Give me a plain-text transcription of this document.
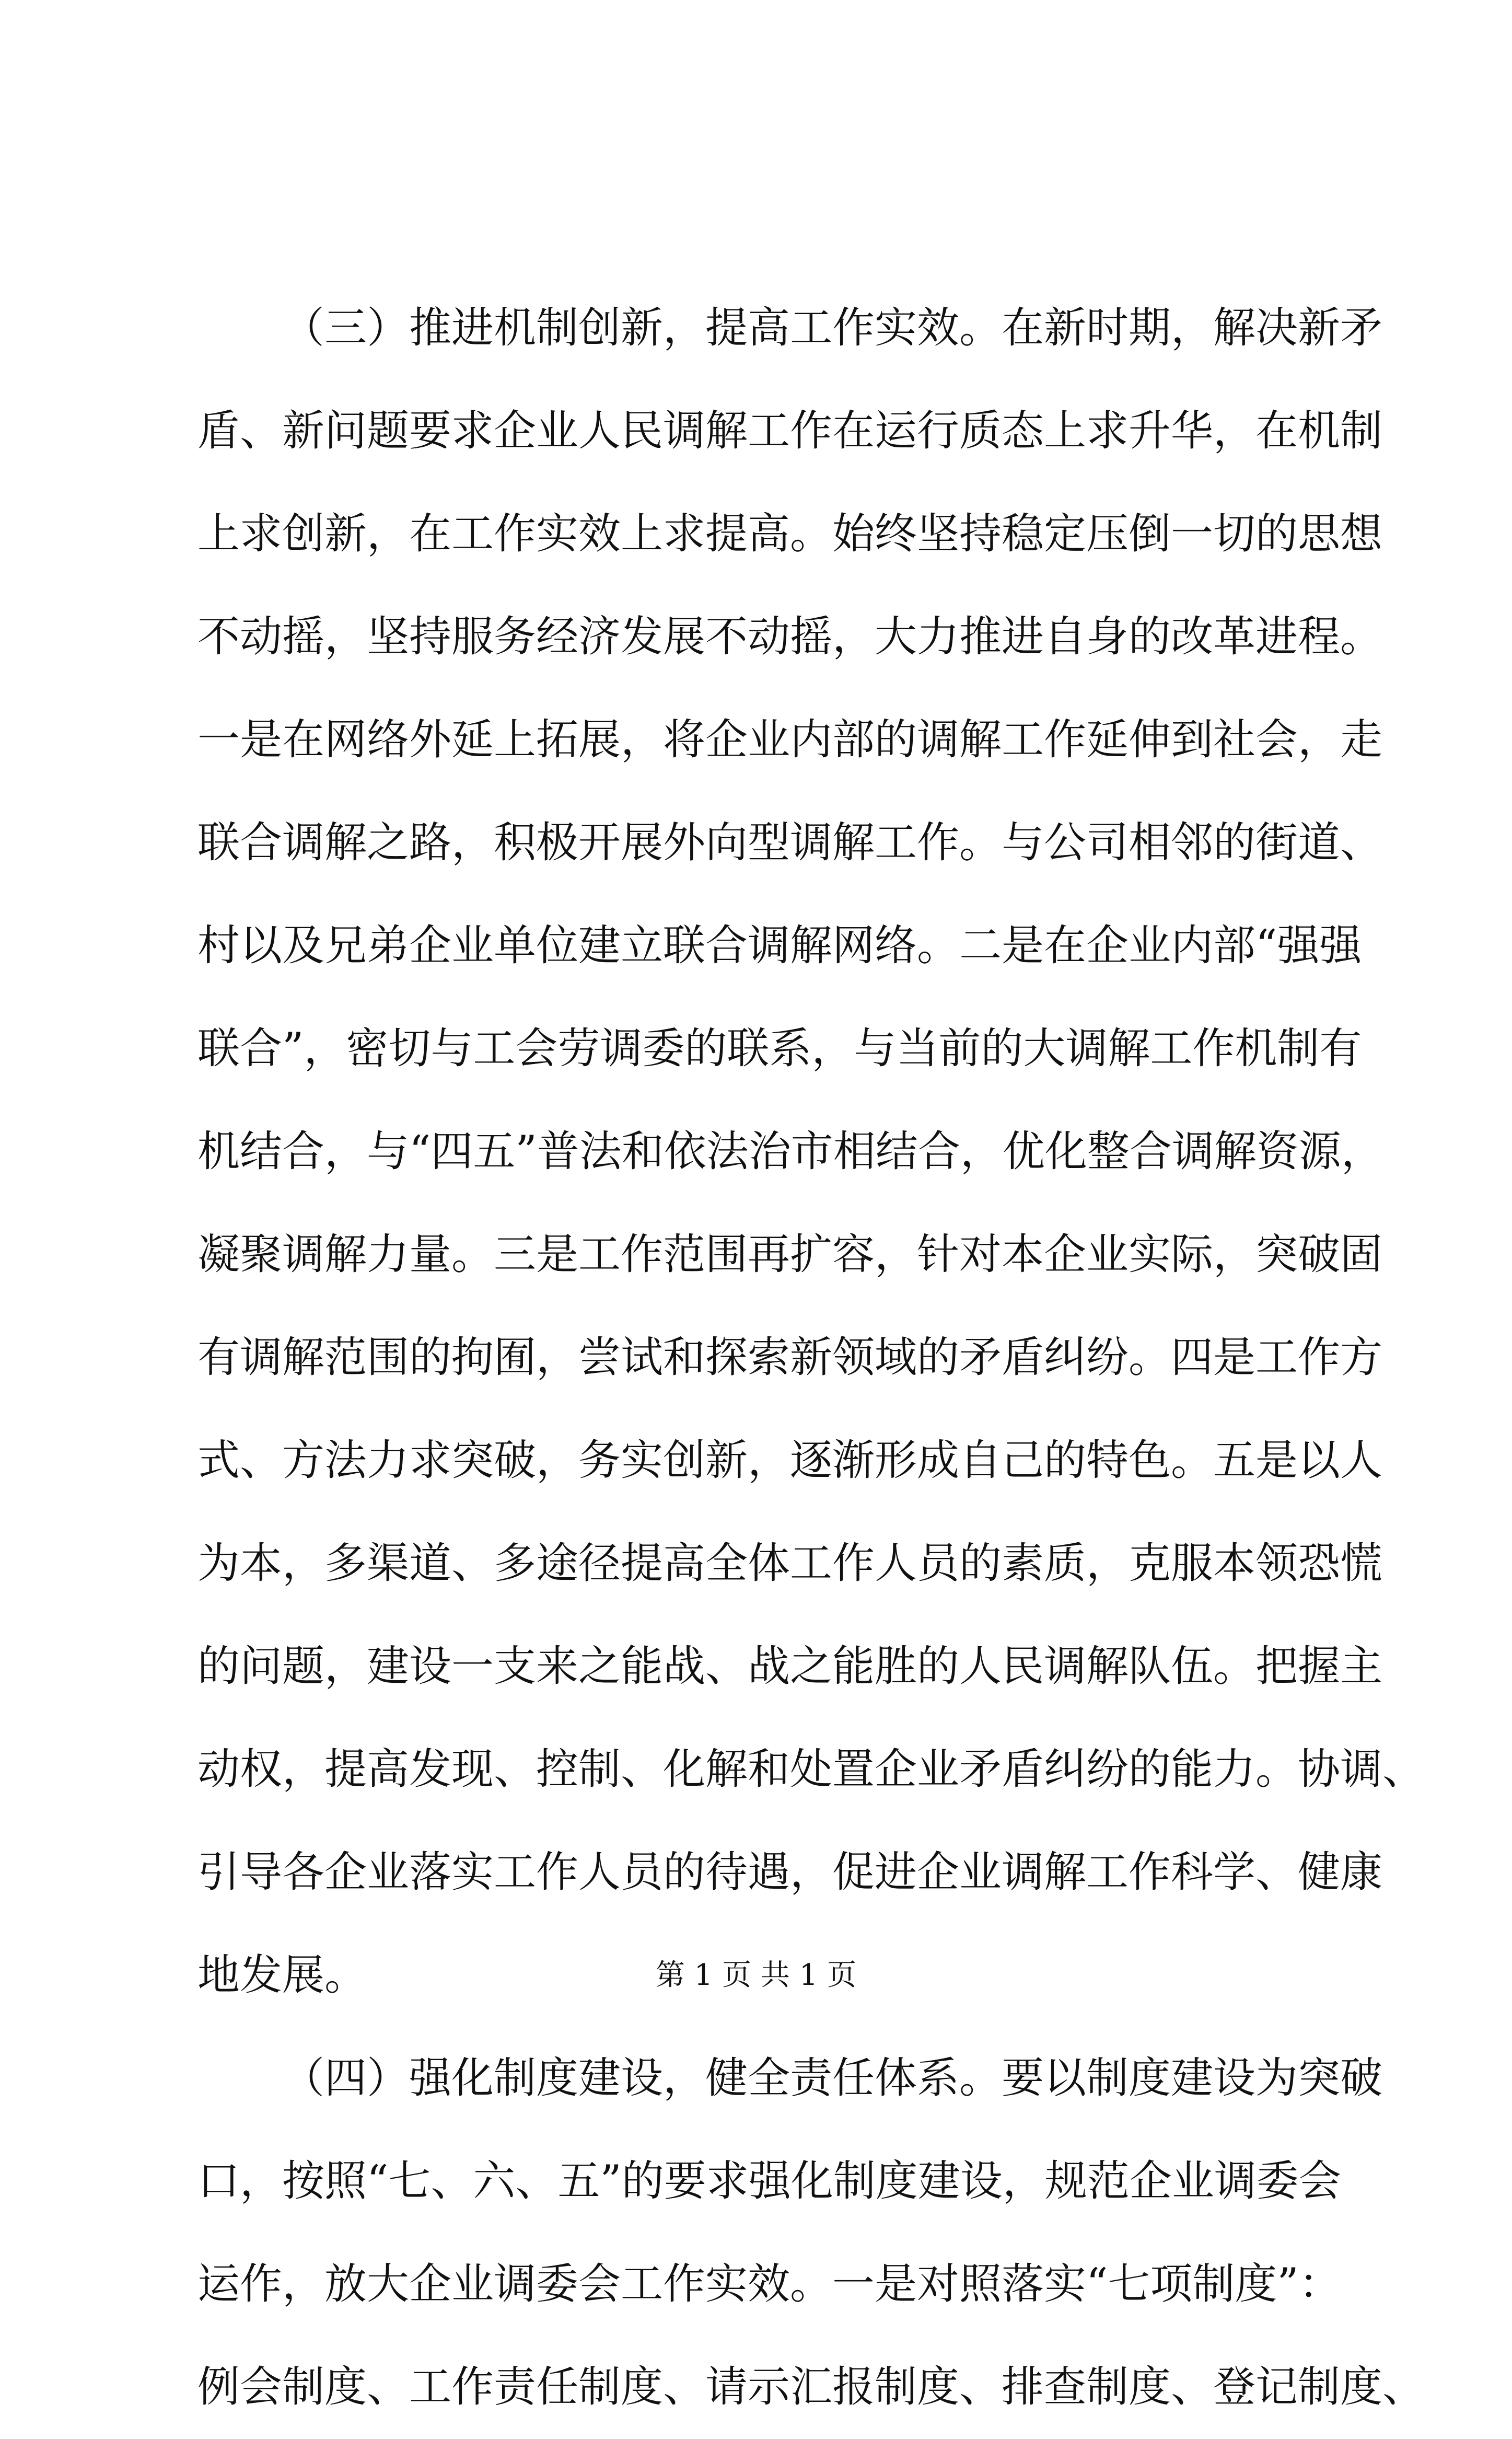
（三）推进机制创新，提高工作实效。在新时期，解决新矛
盾、新问题要求企业人民调解工作在运行质态上求升华，在机制
上求创新，在工作实效上求提高。始终坚持稳定压倒一切的思想
不动摇，坚持服务经济发展不动摇，大力推进自身的改革进程。
一是在网络外延上拓展，将企业内部的调解工作延伸到社会，走
联合调解之路，积极开展外向型调解工作。与公司相邻的街道、
村以及兄弟企业单位建立联合调解网络。二是在企业内部“强强
联合”，密切与工会劳调委的联系，与当前的大调解工作机制有
机结合，与“四五”普法和依法治市相结合，优化整合调解资源，
凝聚调解力量。三是工作范围再扩容，针对本企业实际，突破固
有调解范围的拘囿，尝试和探索新领域的矛盾纠纷。四是工作方
式、方法力求突破，务实创新，逐渐形成自己的特色。五是以人
为本，多渠道、多途径提高全体工作人员的素质，克服本领恐慌
的问题，建设一支来之能战、战之能胜的人民调解队伍。把握主
动权，提高发现、控制、化解和处置企业矛盾纠纷的能力。协调、
引导各企业落实工作人员的待遇，促进企业调解工作科学、健康
地发展。
（四）强化制度建设，健全责任体系。要以制度建设为突破
口，按照“七、六、五”的要求强化制度建设，规范企业调委会
运作，放大企业调委会工作实效。一是对照落实“七项制度”：
例会制度、工作责任制度、请示汇报制度、排查制度、登记制度、
第 1 页 共 1 页
